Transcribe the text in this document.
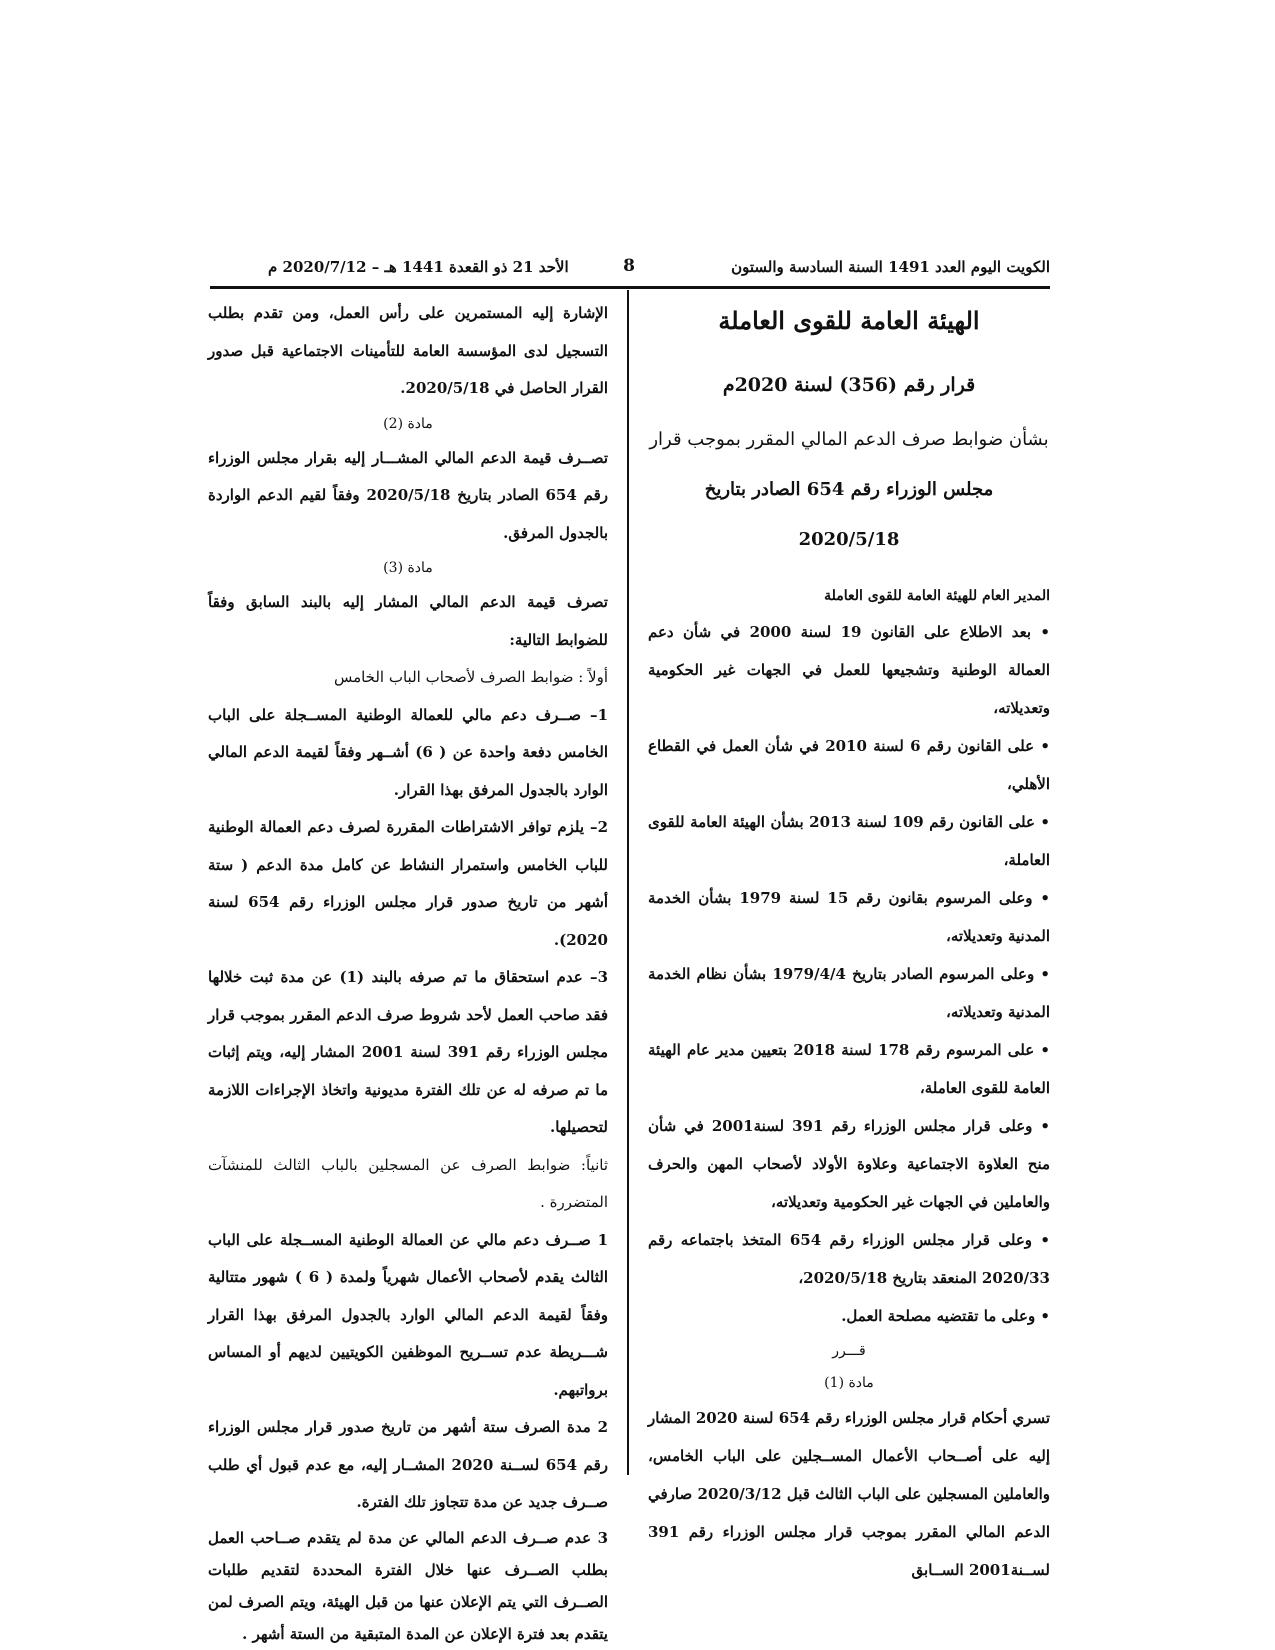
الكويت اليوم العدد 1491 السنة السادسة والستون
8
الأحد 21 ذو القعدة 1441 هـ – 2020/7/12 م
الهيئة العامة للقوى العاملة
قرار رقم (356) لسنة 2020م
بشأن ضوابط صرف الدعم المالي المقرر بموجب قرار
مجلس الوزراء رقم 654 الصادر بتاريخ
2020/5/18
المدير العام للهيئة العامة للقوى العاملة

• بعد الاطلاع على القانون 19 لسنة 2000 في شأن دعم العمالة الوطنية وتشجيعها للعمل في الجهات غير الحكومية وتعديلاته،

• على القانون رقم 6 لسنة 2010 في شأن العمل في القطاع الأهلي،

• على القانون رقم 109 لسنة 2013 بشأن الهيئة العامة للقوى العاملة،

• وعلى المرسوم بقانون رقم 15 لسنة 1979 بشأن الخدمة المدنية وتعديلاته،

• وعلى المرسوم الصادر بتاريخ 1979/4/4 بشأن نظام الخدمة المدنية وتعديلاته،

• على المرسوم رقم 178 لسنة 2018 بتعيين مدير عام الهيئة العامة للقوى العاملة،

• وعلى قرار مجلس الوزراء رقم 391 لسنة2001 في شأن منح العلاوة الاجتماعية وعلاوة الأولاد لأصحاب المهن والحرف والعاملين في الجهات غير الحكومية وتعديلاته،

• وعلى قرار مجلس الوزراء رقم 654 المتخذ باجتماعه رقم 2020/33 المنعقد بتاريخ 2020/5/18،

• وعلى ما تقتضيه مصلحة العمل.

قـــرر
مادة (1)

تسري أحكام قرار مجلس الوزراء رقم 654 لسنة 2020 المشار إليه على أصــحاب الأعمال المســجلين على الباب الخامس، والعاملين المسجلين على الباب الثالث قبل 2020/3/12 صارفي الدعم المالي المقرر بموجب قرار مجلس الوزراء رقم 391 لســنة2001 الســابق

الإشارة إليه المستمرين على رأس العمل، ومن تقدم بطلب التسجيل لدى المؤسسة العامة للتأمينات الاجتماعية قبل صدور القرار الحاصل في 2020/5/18.

مادة (2)

تصــرف قيمة الدعم المالي المشـــار إليه بقرار مجلس الوزراء رقم 654 الصادر بتاريخ 2020/5/18 وفقاً لقيم الدعم الواردة بالجدول المرفق.

مادة (3)

تصرف قيمة الدعم المالي المشار إليه بالبند السابق وفقاً للضوابط التالية:

أولاً : ضوابط الصرف لأصحاب الباب الخامس

1– صــرف دعم مالي للعمالة الوطنية المســجلة على الباب الخامس دفعة واحدة عن ( 6) أشــهر وفقاً لقيمة الدعم المالي الوارد بالجدول المرفق بهذا القرار.

2– يلزم توافر الاشتراطات المقررة لصرف دعم العمالة الوطنية للباب الخامس واستمرار النشاط عن كامل مدة الدعم ( ستة أشهر من تاريخ صدور قرار مجلس الوزراء رقم 654 لسنة 2020).

3– عدم استحقاق ما تم صرفه بالبند (1) عن مدة ثبت خلالها فقد صاحب العمل لأحد شروط صرف الدعم المقرر بموجب قرار مجلس الوزراء رقم 391 لسنة 2001 المشار إليه، ويتم إثبات ما تم صرفه له عن تلك الفترة مديونية واتخاذ الإجراءات اللازمة لتحصيلها.

ثانياً: ضوابط الصرف عن المسجلين بالباب الثالث للمنشآت المتضررة .

1 صــرف دعم مالي عن العمالة الوطنية المســجلة على الباب الثالث يقدم لأصحاب الأعمال شهرياً ولمدة ( 6 ) شهور متتالية وفقاً لقيمة الدعم المالي الوارد بالجدول المرفق بهذا القرار شـــريطة عدم تســريح الموظفين الكويتيين لديهم أو المساس برواتبهم.

2 مدة الصرف ستة أشهر من تاريخ صدور قرار مجلس الوزراء رقم 654 لســنة 2020 المشــار إليه، مع عدم قبول أي طلب صــرف جديد عن مدة تتجاوز تلك الفترة.

3 عدم صــرف الدعم المالي عن مدة لم يتقدم صــاحب العمل بطلب الصــرف عنها خلال الفترة المحددة لتقديم طلبات الصــرف التي يتم الإعلان عنها من قبل الهيئة، ويتم الصرف لمن يتقدم بعد فترة الإعلان عن المدة المتبقية من الستة أشهر .
